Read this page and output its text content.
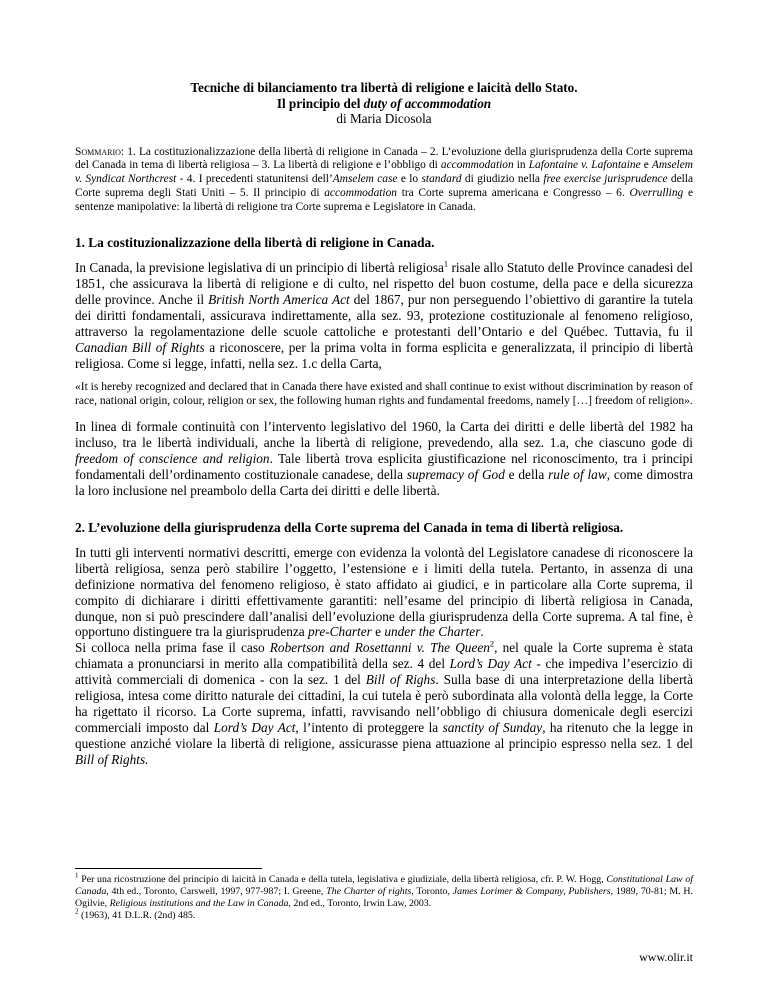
Tecniche di bilanciamento tra libertà di religione e laicità dello Stato.
Il principio del duty of accommodation
di Maria Dicosola
Sommario: 1. La costituzionalizzazione della libertà di religione in Canada – 2. L’evoluzione della giurisprudenza della Corte suprema del Canada in tema di libertà religiosa – 3. La libertà di religione e l’obbligo di accommodation in Lafontaine v. Lafontaine e Amselem v. Syndicat Northcrest - 4. I precedenti statunitensi dell’Amselem case e lo standard di giudizio nella free exercise jurisprudence della Corte suprema degli Stati Uniti – 5. Il principio di accommodation tra Corte suprema americana e Congresso – 6. Overrulling e sentenze manipolative: la libertà di religione tra Corte suprema e Legislatore in Canada.
1. La costituzionalizzazione della libertà di religione in Canada.

In Canada, la previsione legislativa di un principio di libertà religiosa$^1$ risale allo Statuto delle Province canadesi del 1851, che assicurava la libertà di religione e di culto, nel rispetto del buon costume, della pace e della sicurezza delle province. Anche il British North America Act del 1867, pur non perseguendo l’obiettivo di garantire la tutela dei diritti fondamentali, assicurava indirettamente, alla sez. 93, protezione costituzionale al fenomeno religioso, attraverso la regolamentazione delle scuole cattoliche e protestanti dell’Ontario e del Québec. Tuttavia, fu il Canadian Bill of Rights a riconoscere, per la prima volta in forma esplicita e generalizzata, il principio di libertà religiosa. Come si legge, infatti, nella sez. 1.c della Carta,

«It is hereby recognized and declared that in Canada there have existed and shall continue to exist without discrimination by reason of race, national origin, colour, religion or sex, the following human rights and fundamental freedoms, namely […] freedom of religion».

In linea di formale continuità con l’intervento legislativo del 1960, la Carta dei diritti e delle libertà del 1982 ha incluso, tra le libertà individuali, anche la libertà di religione, prevedendo, alla sez. 1.a, che ciascuno gode di freedom of conscience and religion. Tale libertà trova esplicita giustificazione nel riconoscimento, tra i principi fondamentali dell’ordinamento costituzionale canadese, della supremacy of God e della rule of law, come dimostra la loro inclusione nel preambolo della Carta dei diritti e delle libertà.

2. L’evoluzione della giurisprudenza della Corte suprema del Canada in tema di libertà religiosa.

In tutti gli interventi normativi descritti, emerge con evidenza la volontà del Legislatore canadese di riconoscere la libertà religiosa, senza però stabilire l’oggetto, l’estensione e i limiti della tutela. Pertanto, in assenza di una definizione normativa del fenomeno religioso, è stato affidato ai giudici, e in particolare alla Corte suprema, il compito di dichiarare i diritti effettivamente garantiti: nell’esame del principio di libertà religiosa in Canada, dunque, non si può prescindere dall’analisi dell’evoluzione della giurisprudenza della Corte suprema. A tal fine, è opportuno distinguere tra la giurisprudenza pre-Charter e under the Charter.

Si colloca nella prima fase il caso Robertson and Rosettanni v. The Queen$^2$, nel quale la Corte suprema è stata chiamata a pronunciarsi in merito alla compatibilità della sez. 4 del Lord’s Day Act - che impediva l’esercizio di attività commerciali di domenica - con la sez. 1 del Bill of Righs. Sulla base di una interpretazione della libertà religiosa, intesa come diritto naturale dei cittadini, la cui tutela è però subordinata alla volontà della legge, la Corte ha rigettato il ricorso. La Corte suprema, infatti, ravvisando nell’obbligo di chiusura domenicale degli esercizi commerciali imposto dal Lord’s Day Act, l’intento di proteggere la sanctity of Sunday, ha ritenuto che la legge in questione anziché violare la libertà di religione, assicurasse piena attuazione al principio espresso nella sez. 1 del Bill of Rights.

$^1$ Per una ricostruzione del principio di laicità in Canada e della tutela, legislativa e giudiziale, della libertà religiosa, cfr. P. W. Hogg, Constitutional Law of Canada, 4th ed., Toronto, Carswell, 1997, 977-987; I. Greene, The Charter of rights, Toronto, James Lorimer & Company, Publishers, 1989, 70-81; M. H. Ogilvie, Religious institutions and the Law in Canada, 2nd ed., Toronto, Irwin Law, 2003.
$^2$ (1963), 41 D.L.R. (2nd) 485.
www.olir.it
